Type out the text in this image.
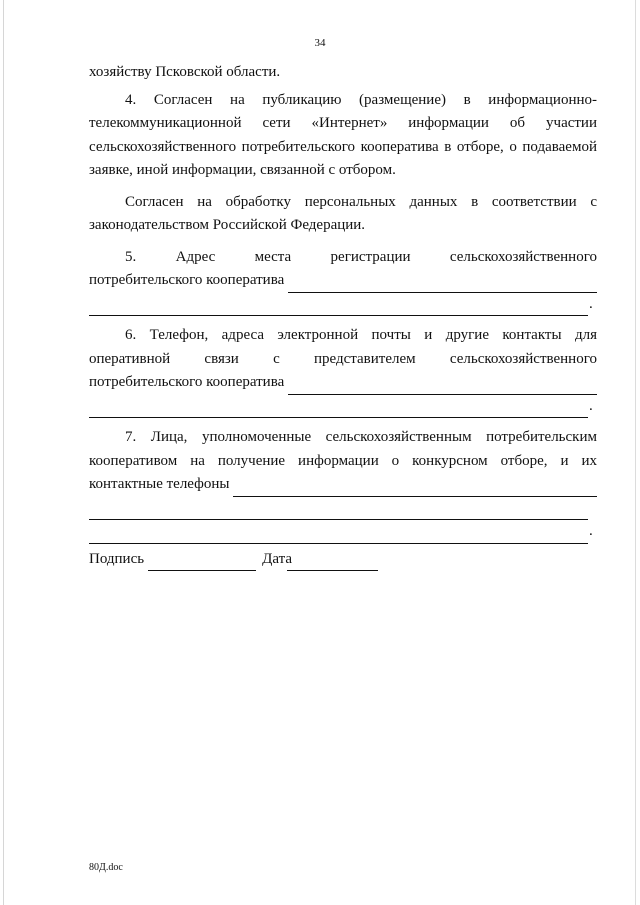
34

хозяйству Псковской области.

4. Согласен на публикацию (размещение) в информационно-телекоммуникационной сети «Интернет» информации об участии сельскохозяйственного потребительского кооператива в отборе, о подаваемой заявке, иной информации, связанной с отбором.

Согласен на обработку персональных данных в соответствии с законодательством Российской Федерации.

5. Адрес места регистрации сельскохозяйственного

потребительского кооператива
.

6. Телефон, адреса электронной почты и другие контакты для оперативной связи с представителем сельскохозяйственного

потребительского кооператива
.

7. Лица, уполномоченные сельскохозяйственным потребительским кооперативом на получение информации о конкурсном отборе, и их

контактные телефоны
.
Подпись	Дата
80Д.doc
